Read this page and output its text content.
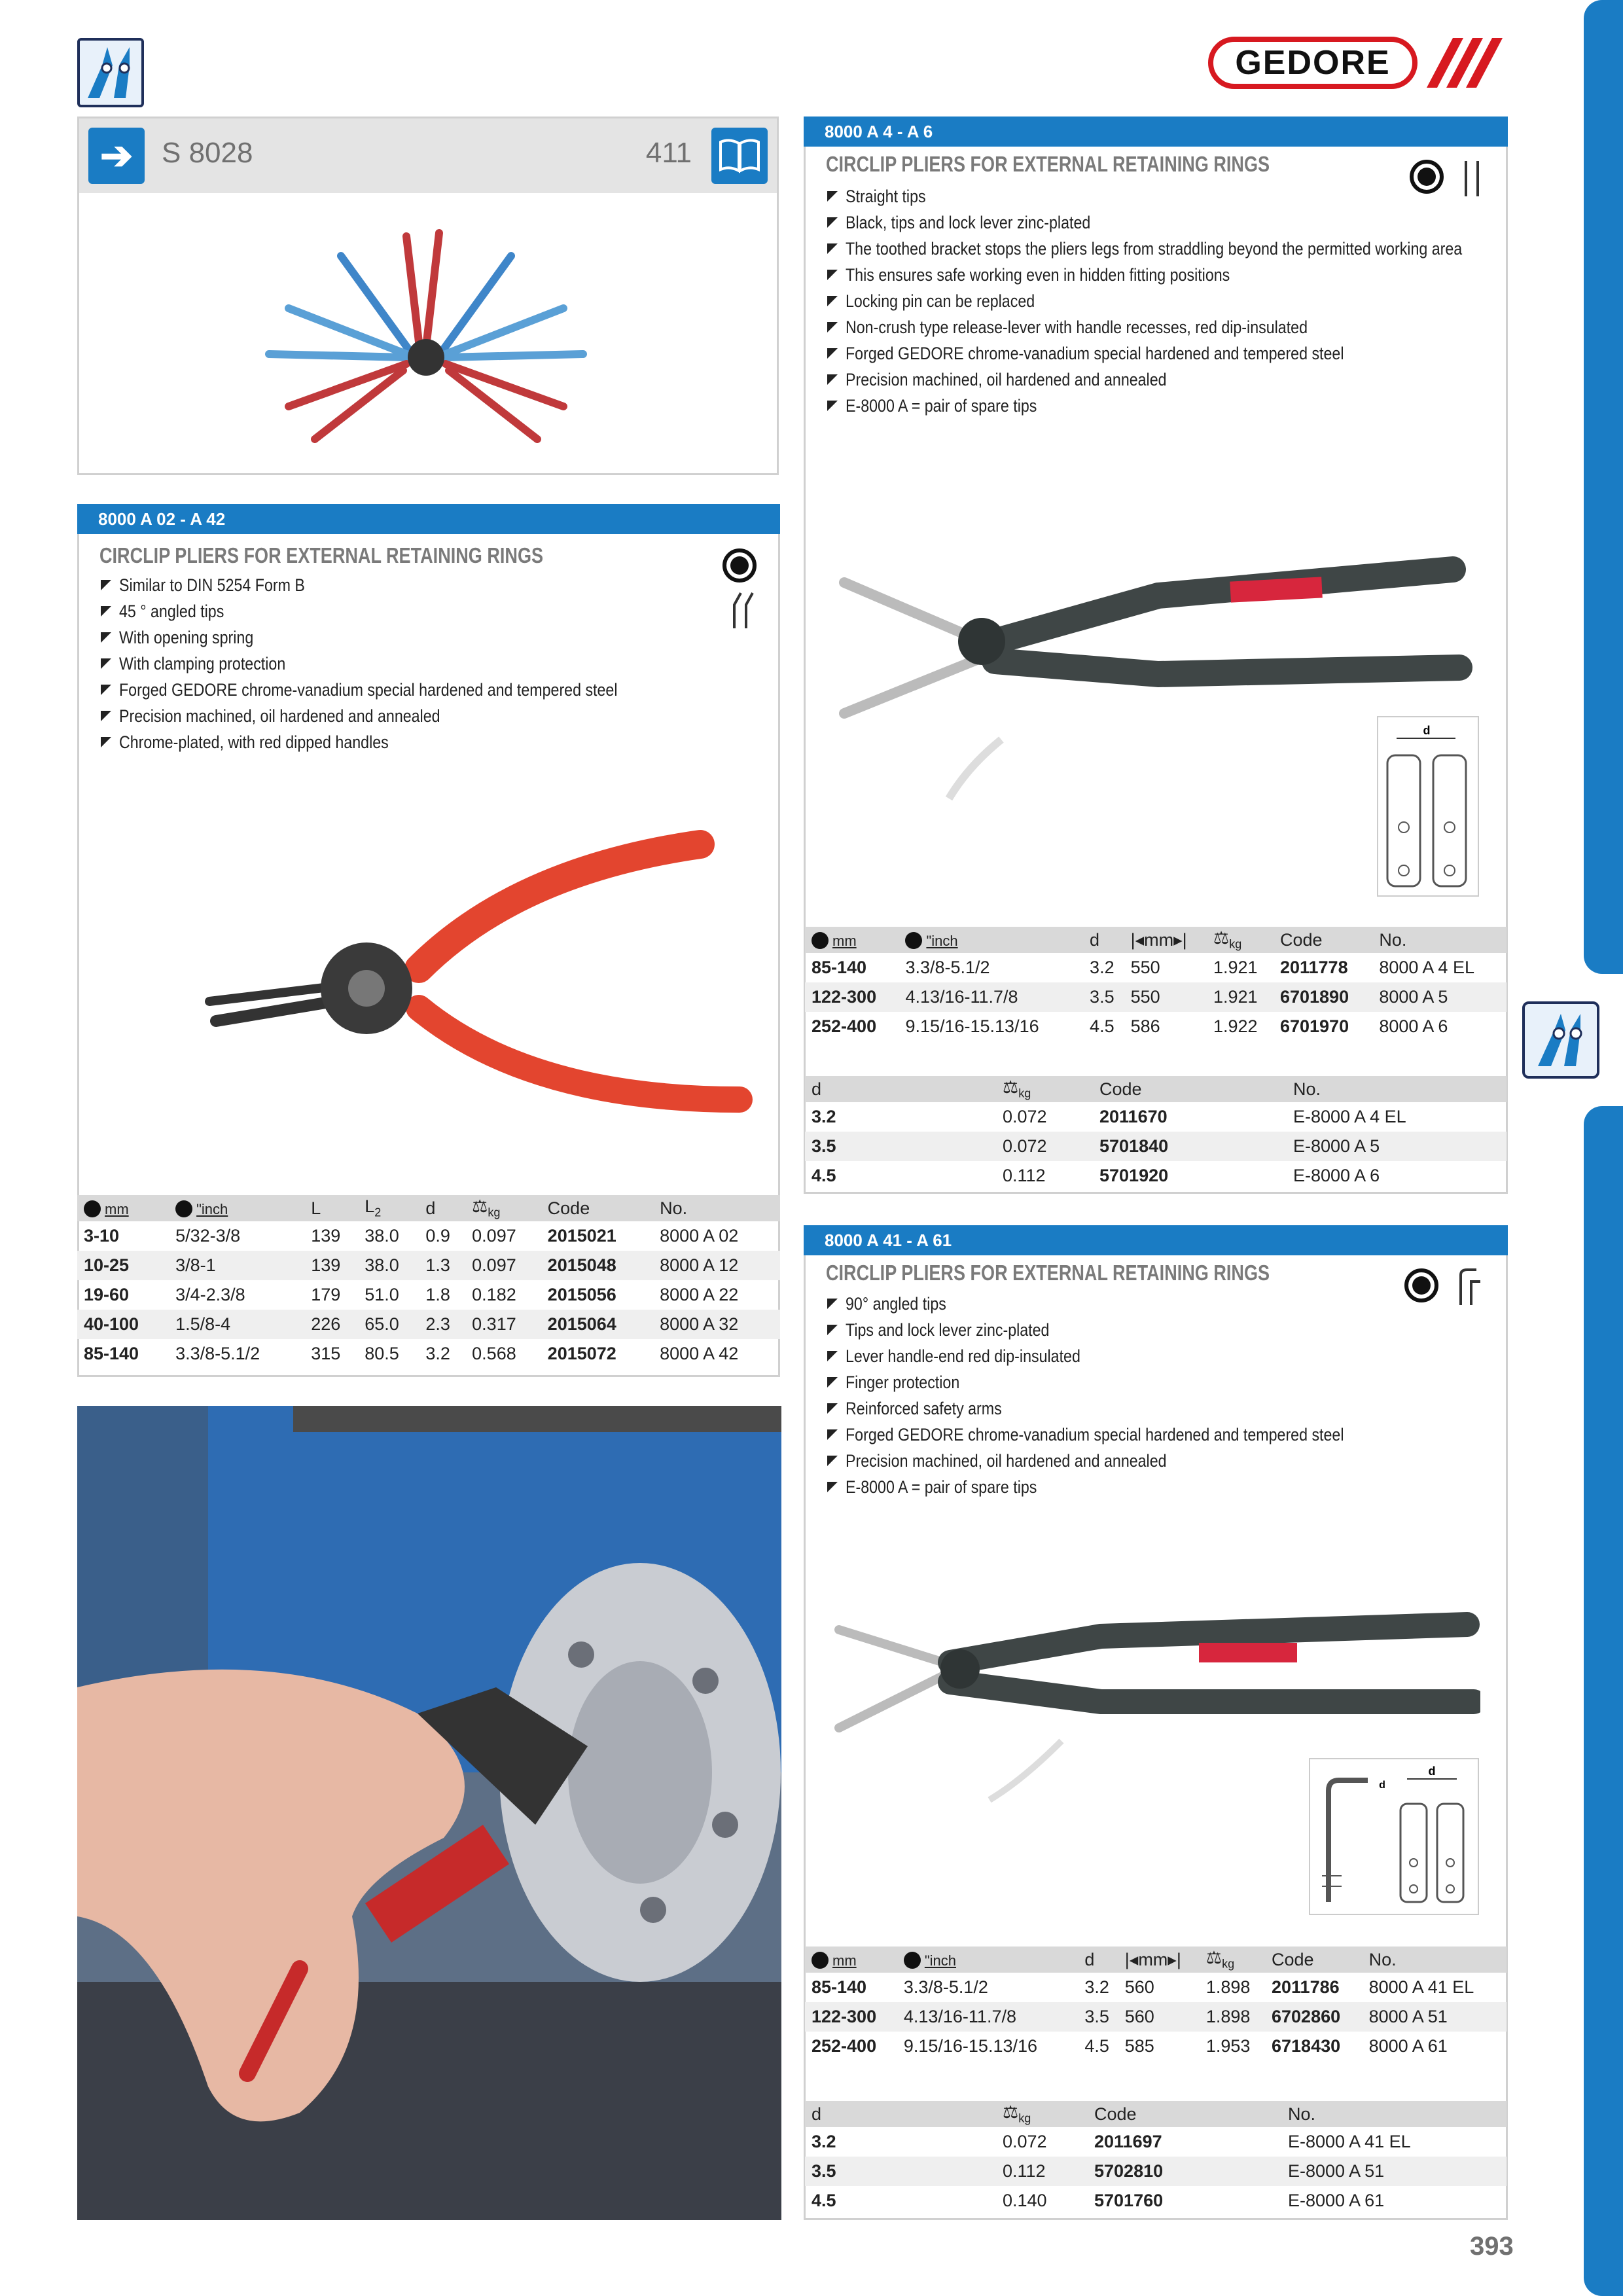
GEDORE
➔ S 8028	411
8000 A 02 - A 42
CIRCLIP PLIERS FOR EXTERNAL RETAINING RINGS
Similar to DIN 5254 Form B
45 ° angled tips
With opening spring
With clamping protection
Forged GEDORE chrome-vanadium special hardened and tempered steel
Precision machined, oil hardened and annealed
Chrome-plated, with red dipped handles
mm	"inch	L	$L_2$	d	$⚖_{kg}$	Code	No.
3-10	5/32-3/8	139	38.0	0.9	0.097	2015021	8000 A 02
10-25	3/8-1	139	38.0	1.3	0.097	2015048	8000 A 12
19-60	3/4-2.3/8	179	51.0	1.8	0.182	2015056	8000 A 22
40-100	1.5/8-4	226	65.0	2.3	0.317	2015064	8000 A 32
85-140	3.3/8-5.1/2	315	80.5	3.2	0.568	2015072	8000 A 42
8000 A 4 - A 6
CIRCLIP PLIERS FOR EXTERNAL RETAINING RINGS
Straight tips
Black, tips and lock lever zinc-plated
The toothed bracket stops the pliers legs from straddling beyond the permitted working area
This ensures safe working even in hidden fitting positions
Locking pin can be replaced
Non-crush type release-lever with handle recesses, red dip-insulated
Forged GEDORE chrome-vanadium special hardened and tempered steel
Precision machined, oil hardened and annealed
E-8000 A = pair of spare tips
d
mm	"inch	d	|◂mm▸|	$⚖_{kg}$	Code	No.
85-140	3.3/8-5.1/2	3.2	550	1.921	2011778	8000 A 4 EL
122-300	4.13/16-11.7/8	3.5	550	1.921	6701890	8000 A 5
252-400	9.15/16-15.13/16	4.5	586	1.922	6701970	8000 A 6
d	$⚖_{kg}$	Code	No.
3.2	0.072	2011670	E-8000 A 4 EL
3.5	0.072	5701840	E-8000 A 5
4.5	0.112	5701920	E-8000 A 6
8000 A 41 - A 61
CIRCLIP PLIERS FOR EXTERNAL RETAINING RINGS
90° angled tips
Tips and lock lever zinc-plated
Lever handle-end red dip-insulated
Finger protection
Reinforced safety arms
Forged GEDORE chrome-vanadium special hardened and tempered steel
Precision machined, oil hardened and annealed
E-8000 A = pair of spare tips
d
d
mm	"inch	d	|◂mm▸|	$⚖_{kg}$	Code	No.
85-140	3.3/8-5.1/2	3.2	560	1.898	2011786	8000 A 41 EL
122-300	4.13/16-11.7/8	3.5	560	1.898	6702860	8000 A 51
252-400	9.15/16-15.13/16	4.5	585	1.953	6718430	8000 A 61
d	$⚖_{kg}$	Code	No.
3.2	0.072	2011697	E-8000 A 41 EL
3.5	0.112	5702810	E-8000 A 51
4.5	0.140	5701760	E-8000 A 61
393
